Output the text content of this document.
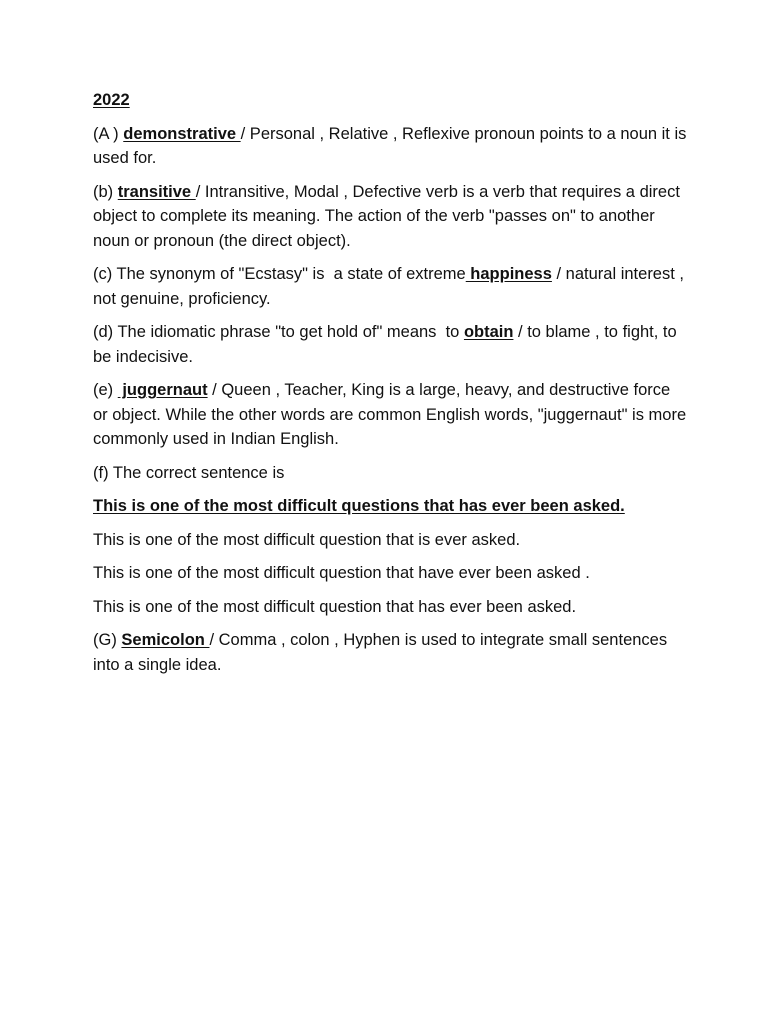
2022

(A ) demonstrative / Personal , Relative , Reflexive pronoun points to a noun it is used for.

(b) transitive / Intransitive, Modal , Defective verb is a verb that requires a direct object to complete its meaning. The action of the verb "passes on" to another noun or pronoun (the direct object).

(c) The synonym of "Ecstasy" is  a state of extreme happiness / natural interest , not genuine, proficiency.

(d) The idiomatic phrase "to get hold of" means  to obtain / to blame , to fight, to be indecisive.

(e)  juggernaut / Queen , Teacher, King is a large, heavy, and destructive force or object. While the other words are common English words, "juggernaut" is more commonly used in Indian English.

(f) The correct sentence is

This is one of the most difficult questions that has ever been asked.

This is one of the most difficult question that is ever asked.

This is one of the most difficult question that have ever been asked .

This is one of the most difficult question that has ever been asked.

(G) Semicolon / Comma , colon , Hyphen is used to integrate small sentences into a single idea.
